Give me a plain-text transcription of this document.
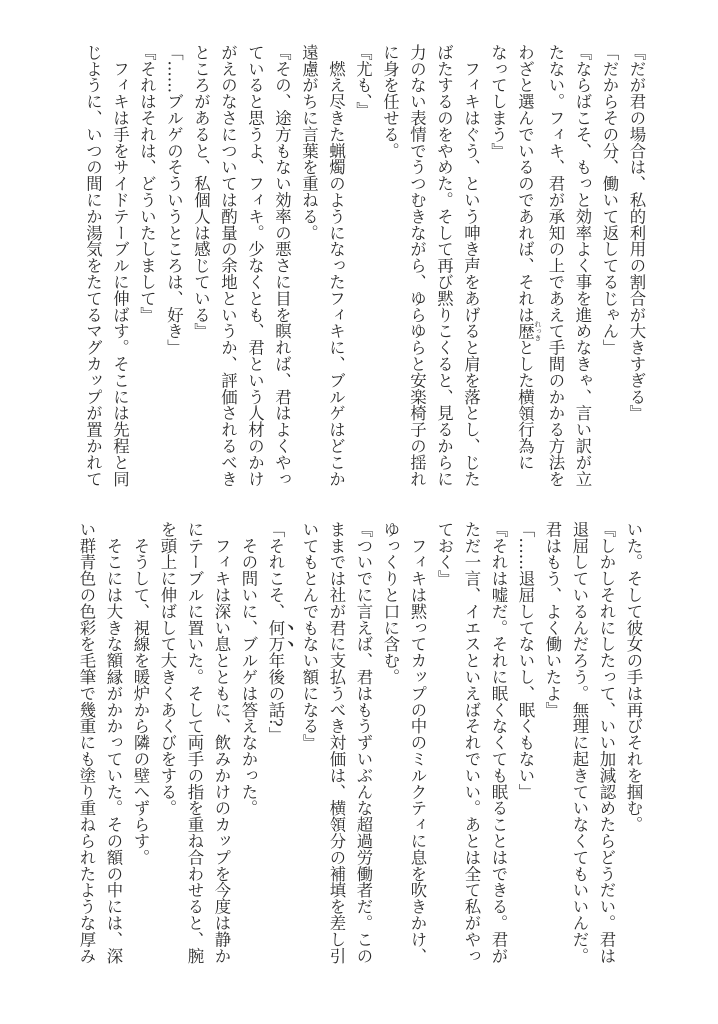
『だが君の場合は、私的利用の割合が大きすぎる』
「だからその分、働いて返してるじゃん」
『ならばこそ、もっと効率よく事を進めなきゃ、言い訳が立
たない。フィキ、君が承知の上であえて手間のかかる方法を
わざと選んでいるのであれば、それは歴 れっきとした横領行為に
なってしまう』
　フィキはぐう、という呻き声をあげると肩を落とし、じた
ばたするのをやめた。そして再び黙りこくると、見るからに
力のない表情でうつむきながら、ゆらゆらと安楽椅子の揺れ
に身を任せる。
『尤も、』
　燃え尽きた蝋燭のようになったフィキに、ブルゲはどこか
遠慮がちに言葉を重ねる。
『その、途方もない効率の悪さに目を瞑れば、君はよくやっ
ていると思うよ、フィキ。少なくとも、君という人材のかけ
がえのなさについては酌量の余地というか、評価されるべき
ところがあると、私個人は感じている』
「……ブルゲのそういうところは、好き」
『それはそれは、どういたしまして』
　フィキは手をサイドテーブルに伸ばす。そこには先程と同
じように、いつの間にか湯気をたてるマグカップが置かれて
いた。そして彼女の手は再びそれを掴む。
『しかしそれにしたって、いい加減認めたらどうだい。君は
退屈しているんだろう。無理に起きていなくてもいいんだ。
君はもう、よく働いたよ』
「……退屈してないし、眠くもない」
『それは嘘だ。それに眠くなくても眠ることはできる。君が
ただ一言、イエスといえばそれでいい。あとは全て私がやっ
ておく』
　フィキは黙ってカップの中のミルクティに息を吹きかけ、
ゆっくりと口に含む。
『ついでに言えば、君はもうずいぶんな超過労働者だ。この
ままでは社が君に支払うべき対価は、横領分の補填を差し引
いてもとんでもない額になる』
「それこそ、何万年後の話?」
　その問いに、ブルゲは答えなかった。
　フィキは深い息とともに、飲みかけのカップを今度は静か
にテーブルに置いた。そして両手の指を重ね合わせると、腕
を頭上に伸ばして大きくあくびをする。
　そうして、視線を暖炉から隣の壁へずらす。
　そこには大きな額縁がかかっていた。その額の中には、深
い群青色の色彩を毛筆で幾重にも塗り重ねられたような厚み
